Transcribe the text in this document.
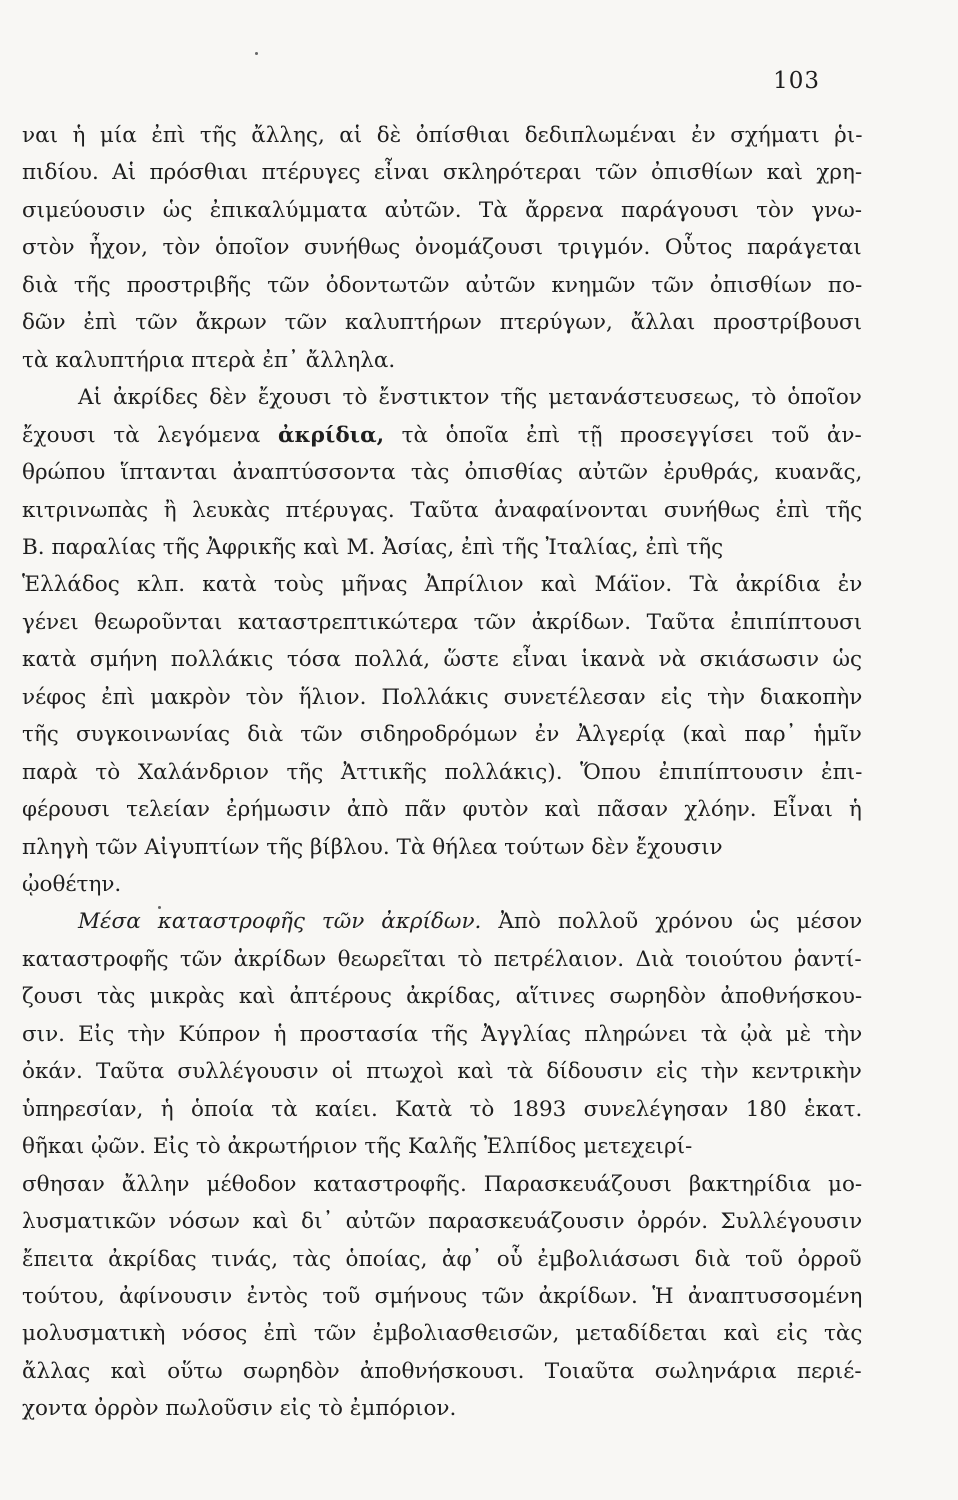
103
ναι ἡ μία ἐπὶ τῆς ἄλλης, αἱ δὲ ὀπίσθιαι δεδιπλωμέναι ἐν σχήματι ῥι-
πιδίου. Αἱ πρόσθιαι πτέρυγες εἶναι σκληρότεραι τῶν ὀπισθίων καὶ χρη-
σιμεύουσιν ὡς ἐπικαλύμματα αὐτῶν. Τὰ ἄρρενα παράγουσι τὸν γνω-
στὸν ἦχον, τὸν ὁποῖον συνήθως ὀνομάζουσι τριγμόν. Οὗτος παράγεται
διὰ τῆς προστριβῆς τῶν ὀδοντωτῶν αὐτῶν κνημῶν τῶν ὀπισθίων πο-
δῶν ἐπὶ τῶν ἄκρων τῶν καλυπτήρων πτερύγων, ἄλλαι προστρίβουσι
τὰ καλυπτήρια πτερὰ ἐπ᾿ ἄλληλα.
Αἱ ἀκρίδες δὲν ἔχουσι τὸ ἔνστικτον τῆς μετανάστευσεως, τὸ ὁποῖον
ἔχουσι τὰ λεγόμενα ἀκρίδια, τὰ ὁποῖα ἐπὶ τῇ προσεγγίσει τοῦ ἀν-
θρώπου ἵπτανται ἀναπτύσσοντα τὰς ὀπισθίας αὐτῶν ἐρυθράς, κυανᾶς,
κιτρινωπὰς ἢ λευκὰς πτέρυγας. Ταῦτα ἀναφαίνονται συνήθως ἐπὶ τῆς
Β. παραλίας τῆς Ἀφρικῆς καὶ Μ. Ἀσίας, ἐπὶ τῆς Ἰταλίας, ἐπὶ τῆς
Ἑλλάδος κλπ. κατὰ τοὺς μῆνας Ἀπρίλιον καὶ Μάϊον. Τὰ ἀκρίδια ἐν
γένει θεωροῦνται καταστρεπτικώτερα τῶν ἀκρίδων. Ταῦτα ἐπιπίπτουσι
κατὰ σμήνη πολλάκις τόσα πολλά, ὥστε εἶναι ἱκανὰ νὰ σκιάσωσιν ὡς
νέφος ἐπὶ μακρὸν τὸν ἥλιον. Πολλάκις συνετέλεσαν εἰς τὴν διακοπὴν
τῆς συγκοινωνίας διὰ τῶν σιδηροδρόμων ἐν Ἀλγερίᾳ (καὶ παρ᾿ ἡμῖν
παρὰ τὸ Χαλάνδριον τῆς Ἀττικῆς πολλάκις). Ὅπου ἐπιπίπτουσιν ἐπι-
φέρουσι τελείαν ἐρήμωσιν ἀπὸ πᾶν φυτὸν καὶ πᾶσαν χλόην. Εἶναι ἡ
πληγὴ τῶν Αἰγυπτίων τῆς βίβλου. Τὰ θήλεα τούτων δὲν ἔχουσιν
ᾠοθέτην.
Μέσα καταστροφῆς τῶν ἀκρίδων. Ἀπὸ πολλοῦ χρόνου ὡς μέσον
καταστροφῆς τῶν ἀκρίδων θεωρεῖται τὸ πετρέλαιον. Διὰ τοιούτου ῥαντί-
ζουσι τὰς μικρὰς καὶ ἀπτέρους ἀκρίδας, αἵτινες σωρηδὸν ἀποθνήσκου-
σιν. Εἰς τὴν Κύπρον ἡ προστασία τῆς Ἀγγλίας πληρώνει τὰ ᾠὰ μὲ τὴν
ὀκάν. Ταῦτα συλλέγουσιν οἱ πτωχοὶ καὶ τὰ δίδουσιν εἰς τὴν κεντρικὴν
ὑπηρεσίαν, ἡ ὁποία τὰ καίει. Κατὰ τὸ 1893 συνελέγησαν 180 ἑκατ.
θῆκαι ᾠῶν. Εἰς τὸ ἀκρωτήριον τῆς Καλῆς Ἐλπίδος μετεχειρί-
σθησαν ἄλλην μέθοδον καταστροφῆς. Παρασκευάζουσι βακτηρίδια μο-
λυσματικῶν νόσων καὶ δι᾿ αὐτῶν παρασκευάζουσιν ὀρρόν. Συλλέγουσιν
ἔπειτα ἀκρίδας τινάς, τὰς ὁποίας, ἀφ᾿ οὗ ἐμβολιάσωσι διὰ τοῦ ὀρροῦ
τούτου, ἀφίνουσιν ἐντὸς τοῦ σμήνους τῶν ἀκρίδων. Ἡ ἀναπτυσσομένη
μολυσματικὴ νόσος ἐπὶ τῶν ἐμβολιασθεισῶν, μεταδίδεται καὶ εἰς τὰς
ἄλλας καὶ οὕτω σωρηδὸν ἀποθνήσκουσι. Τοιαῦτα σωληνάρια περιέ-
χοντα ὀρρὸν πωλοῦσιν εἰς τὸ ἐμπόριον.
